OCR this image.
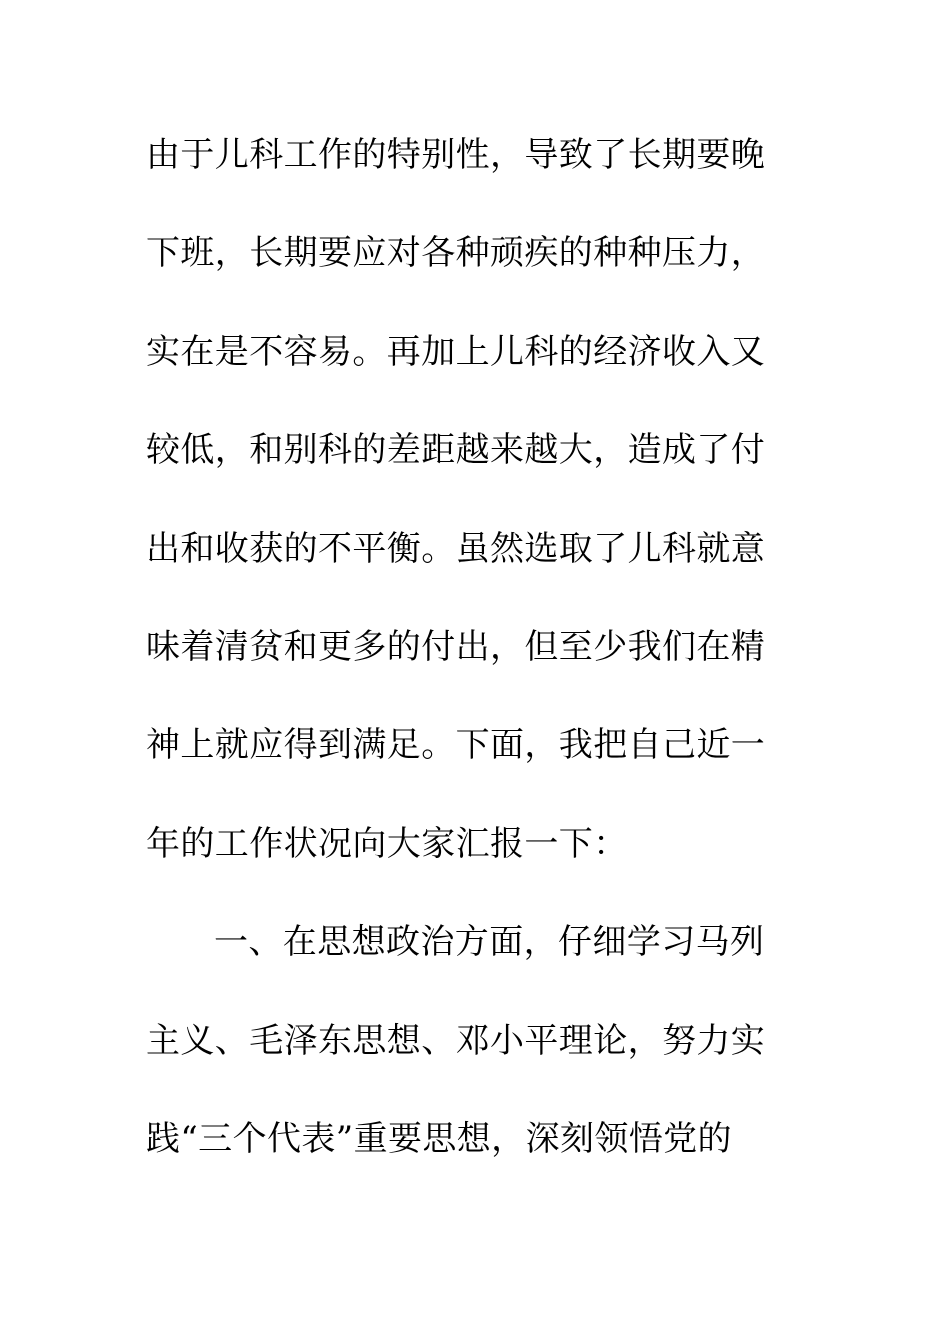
由于儿科工作的特别性，导致了长期要晚
下班，长期要应对各种顽疾的种种压力，
实在是不容易。再加上儿科的经济收入又
较低，和别科的差距越来越大，造成了付
出和收获的不平衡。虽然选取了儿科就意
味着清贫和更多的付出，但至少我们在精
神上就应得到满足。下面，我把自己近一
年的工作状况向大家汇报一下：
一、在思想政治方面，仔细学习马列
主义、毛泽东思想、邓小平理论，努力实
践“三个代表”重要思想，深刻领悟党的
